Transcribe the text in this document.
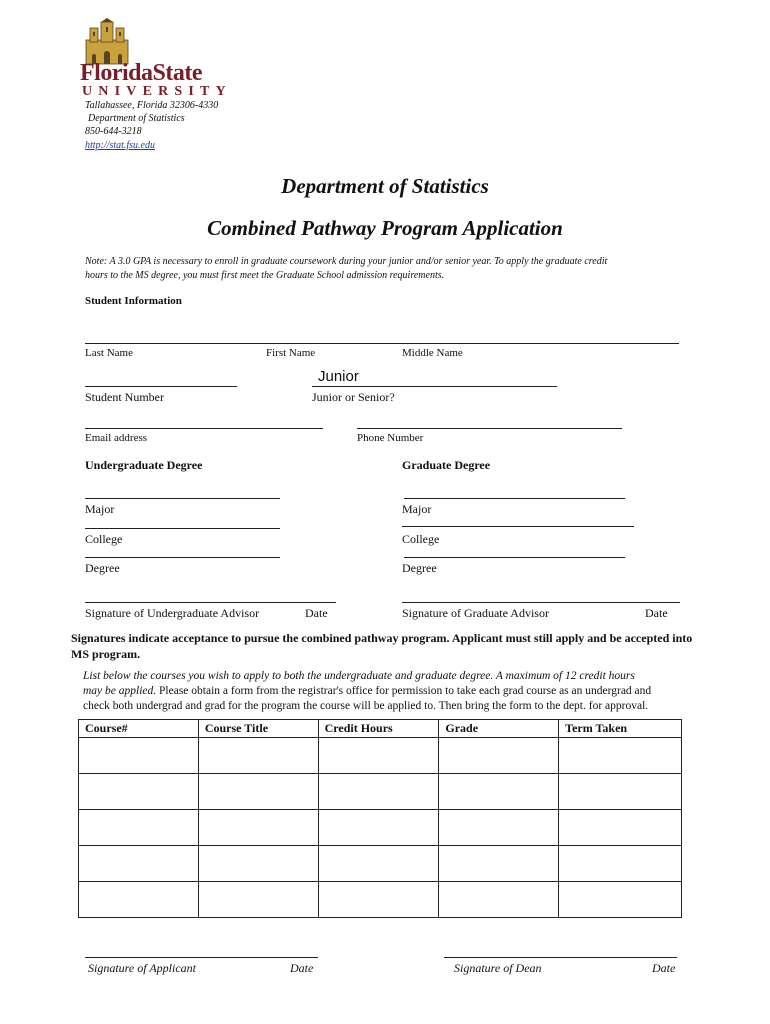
FloridaState
UNIVERSITY
Tallahassee, Florida 32306-4330
Department of Statistics
850-644-3218
http://stat.fsu.edu
Department of Statistics
Combined Pathway Program Application
Note: A 3.0 GPA is necessary to enroll in graduate coursework during your junior and/or senior year. To apply the graduate credit
hours to the MS degree, you must first meet the Graduate School admission requirements.
Student Information
Last Name	First Name	Middle Name
Junior
Student Number	Junior or Senior?
Email address	Phone Number
Undergraduate Degree	Graduate Degree
Major	Major
College	College
Degree	Degree
Signature of Undergraduate Advisor	Date	Signature of Graduate Advisor	Date
Signatures indicate acceptance to pursue the combined pathway program. Applicant must still apply and be accepted into
MS program.
List below the courses you wish to apply to both the undergraduate and graduate degree. A maximum of 12 credit hours
may be applied. Please obtain a form from the registrar's office for permission to take each grad course as an undergrad and
check both undergrad and grad for the program the course will be applied to. Then bring the form to the dept. for approval.
Course#	Course Title	Credit Hours	Grade	Term Taken

Signature of Applicant	Date	Signature of Dean	Date
